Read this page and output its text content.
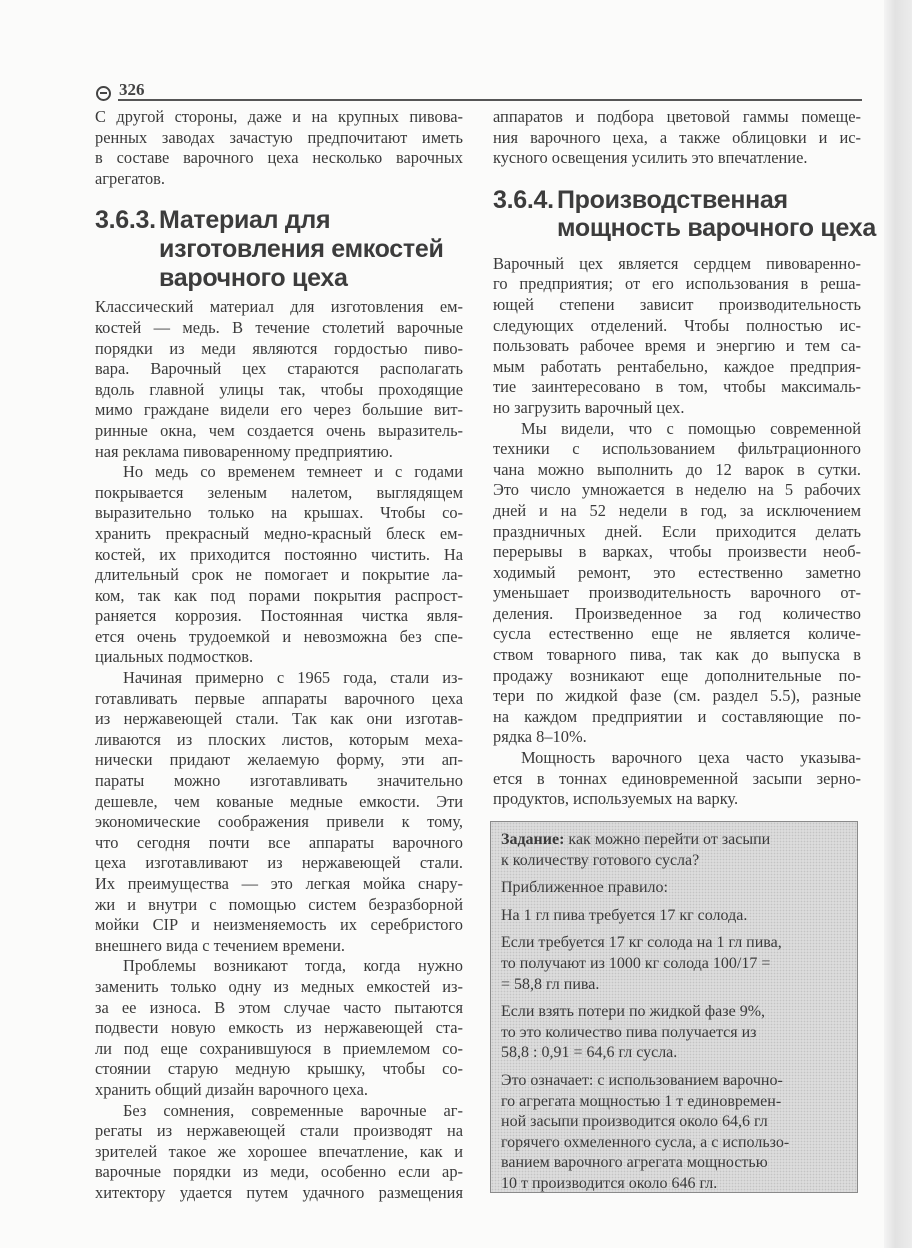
326
С другой стороны, даже и на крупных пивова-
ренных заводах зачастую предпочитают иметь
в составе варочного цеха несколько варочных
агрегатов.
3.6.3. Материал для
изготовления емкостей
варочного цеха
Классический материал для изготовления ем-
костей — медь. В течение столетий варочные
порядки из меди являются гордостью пиво-
вара. Варочный цех стараются располагать
вдоль главной улицы так, чтобы проходящие
мимо граждане видели его через большие вит-
ринные окна, чем создается очень выразитель-
ная реклама пивоваренному предприятию.
Но медь со временем темнеет и с годами
покрывается зеленым налетом, выглядящем
выразительно только на крышах. Чтобы со-
хранить прекрасный медно-красный блеск ем-
костей, их приходится постоянно чистить. На
длительный срок не помогает и покрытие ла-
ком, так как под порами покрытия распрост-
раняется коррозия. Постоянная чистка явля-
ется очень трудоемкой и невозможна без спе-
циальных подмостков.
Начиная примерно с 1965 года, стали из-
готавливать первые аппараты варочного цеха
из нержавеющей стали. Так как они изготав-
ливаются из плоских листов, которым меха-
нически придают желаемую форму, эти ап-
параты можно изготавливать значительно
дешевле, чем кованые медные емкости. Эти
экономические соображения привели к тому,
что сегодня почти все аппараты варочного
цеха изготавливают из нержавеющей стали.
Их преимущества — это легкая мойка снару-
жи и внутри с помощью систем безразборной
мойки CIP и неизменяемость их серебристого
внешнего вида с течением времени.
Проблемы возникают тогда, когда нужно
заменить только одну из медных емкостей из-
за ее износа. В этом случае часто пытаются
подвести новую емкость из нержавеющей ста-
ли под еще сохранившуюся в приемлемом со-
стоянии старую медную крышку, чтобы со-
хранить общий дизайн варочного цеха.
Без сомнения, современные варочные аг-
регаты из нержавеющей стали производят на
зрителей такое же хорошее впечатление, как и
варочные порядки из меди, особенно если ар-
хитектору удается путем удачного размещения
аппаратов и подбора цветовой гаммы помеще-
ния варочного цеха, а также облицовки и ис-
кусного освещения усилить это впечатление.
3.6.4. Производственная
мощность варочного цеха
Варочный цех является сердцем пивоваренно-
го предприятия; от его использования в реша-
ющей степени зависит производительность
следующих отделений. Чтобы полностью ис-
пользовать рабочее время и энергию и тем са-
мым работать рентабельно, каждое предприя-
тие заинтересовано в том, чтобы максималь-
но загрузить варочный цех.
Мы видели, что с помощью современной
техники с использованием фильтрационного
чана можно выполнить до 12 варок в сутки.
Это число умножается в неделю на 5 рабочих
дней и на 52 недели в год, за исключением
праздничных дней. Если приходится делать
перерывы в варках, чтобы произвести необ-
ходимый ремонт, это естественно заметно
уменьшает производительность варочного от-
деления. Произведенное за год количество
сусла естественно еще не является количе-
ством товарного пива, так как до выпуска в
продажу возникают еще дополнительные по-
тери по жидкой фазе (см. раздел 5.5), разные
на каждом предприятии и составляющие по-
рядка 8–10%.
Мощность варочного цеха часто указыва-
ется в тоннах единовременной засыпи зерно-
продуктов, используемых на варку.
Задание: как можно перейти от засыпи
к количеству готового сусла?
Приближенное правило:
На 1 гл пива требуется 17 кг солода.
Если требуется 17 кг солода на 1 гл пива,
то получают из 1000 кг солода 100/17 =
= 58,8 гл пива.
Если взять потери по жидкой фазе 9%,
то это количество пива получается из
58,8 : 0,91 = 64,6 гл сусла.
Это означает: с использованием варочно-
го агрегата мощностью 1 т единовремен-
ной засыпи производится около 64,6 гл
горячего охмеленного сусла, а с использо-
ванием варочного агрегата мощностью
10 т производится около 646 гл.
